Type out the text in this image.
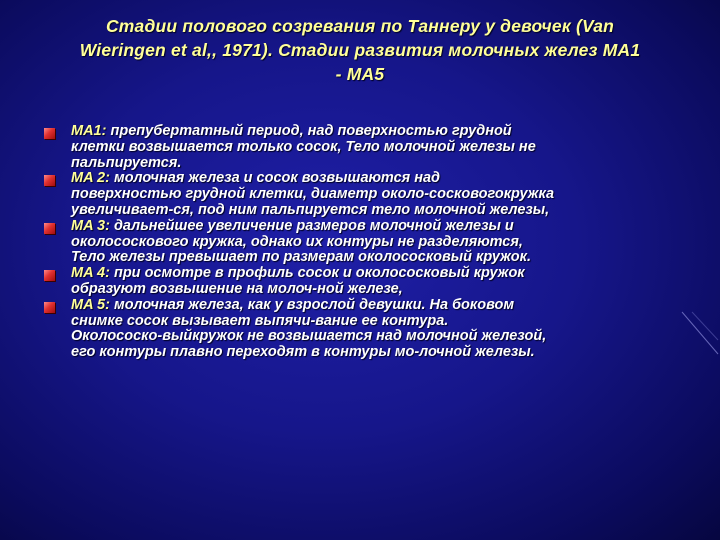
Стадии полового созревания по Таннеру у девочек (Van
Wieringen et al,, 1971). Стадии развития молочных желез MA1
- MA5
MA1: препубертатный период, над поверхностью грудной
клетки возвышается только сосок, Тело молочной железы не
пальпируется.
MA 2: молочная железа и сосок возвышаются над
поверхностью грудной клетки, диаметр около-сосковогокружка
увеличивает-ся, под ним пальпируется тело молочной железы,
MA 3: дальнейшее увеличение размеров молочной железы и
околососкового кружка, однако их контуры не разделяются,
Тело железы превышает по размерам околососковый кружок.
MA 4: при осмотре в профиль сосок и околососковый кружок
образуют возвышение на молоч-ной железе,
MA 5: молочная железа, как у взрослой девушки. На боковом
снимке сосок вызывает выпячи-вание ее контура.
Околососко-выйкружок не возвышается над молочной железой,
его контуры плавно переходят в контуры мо-лочной железы.
